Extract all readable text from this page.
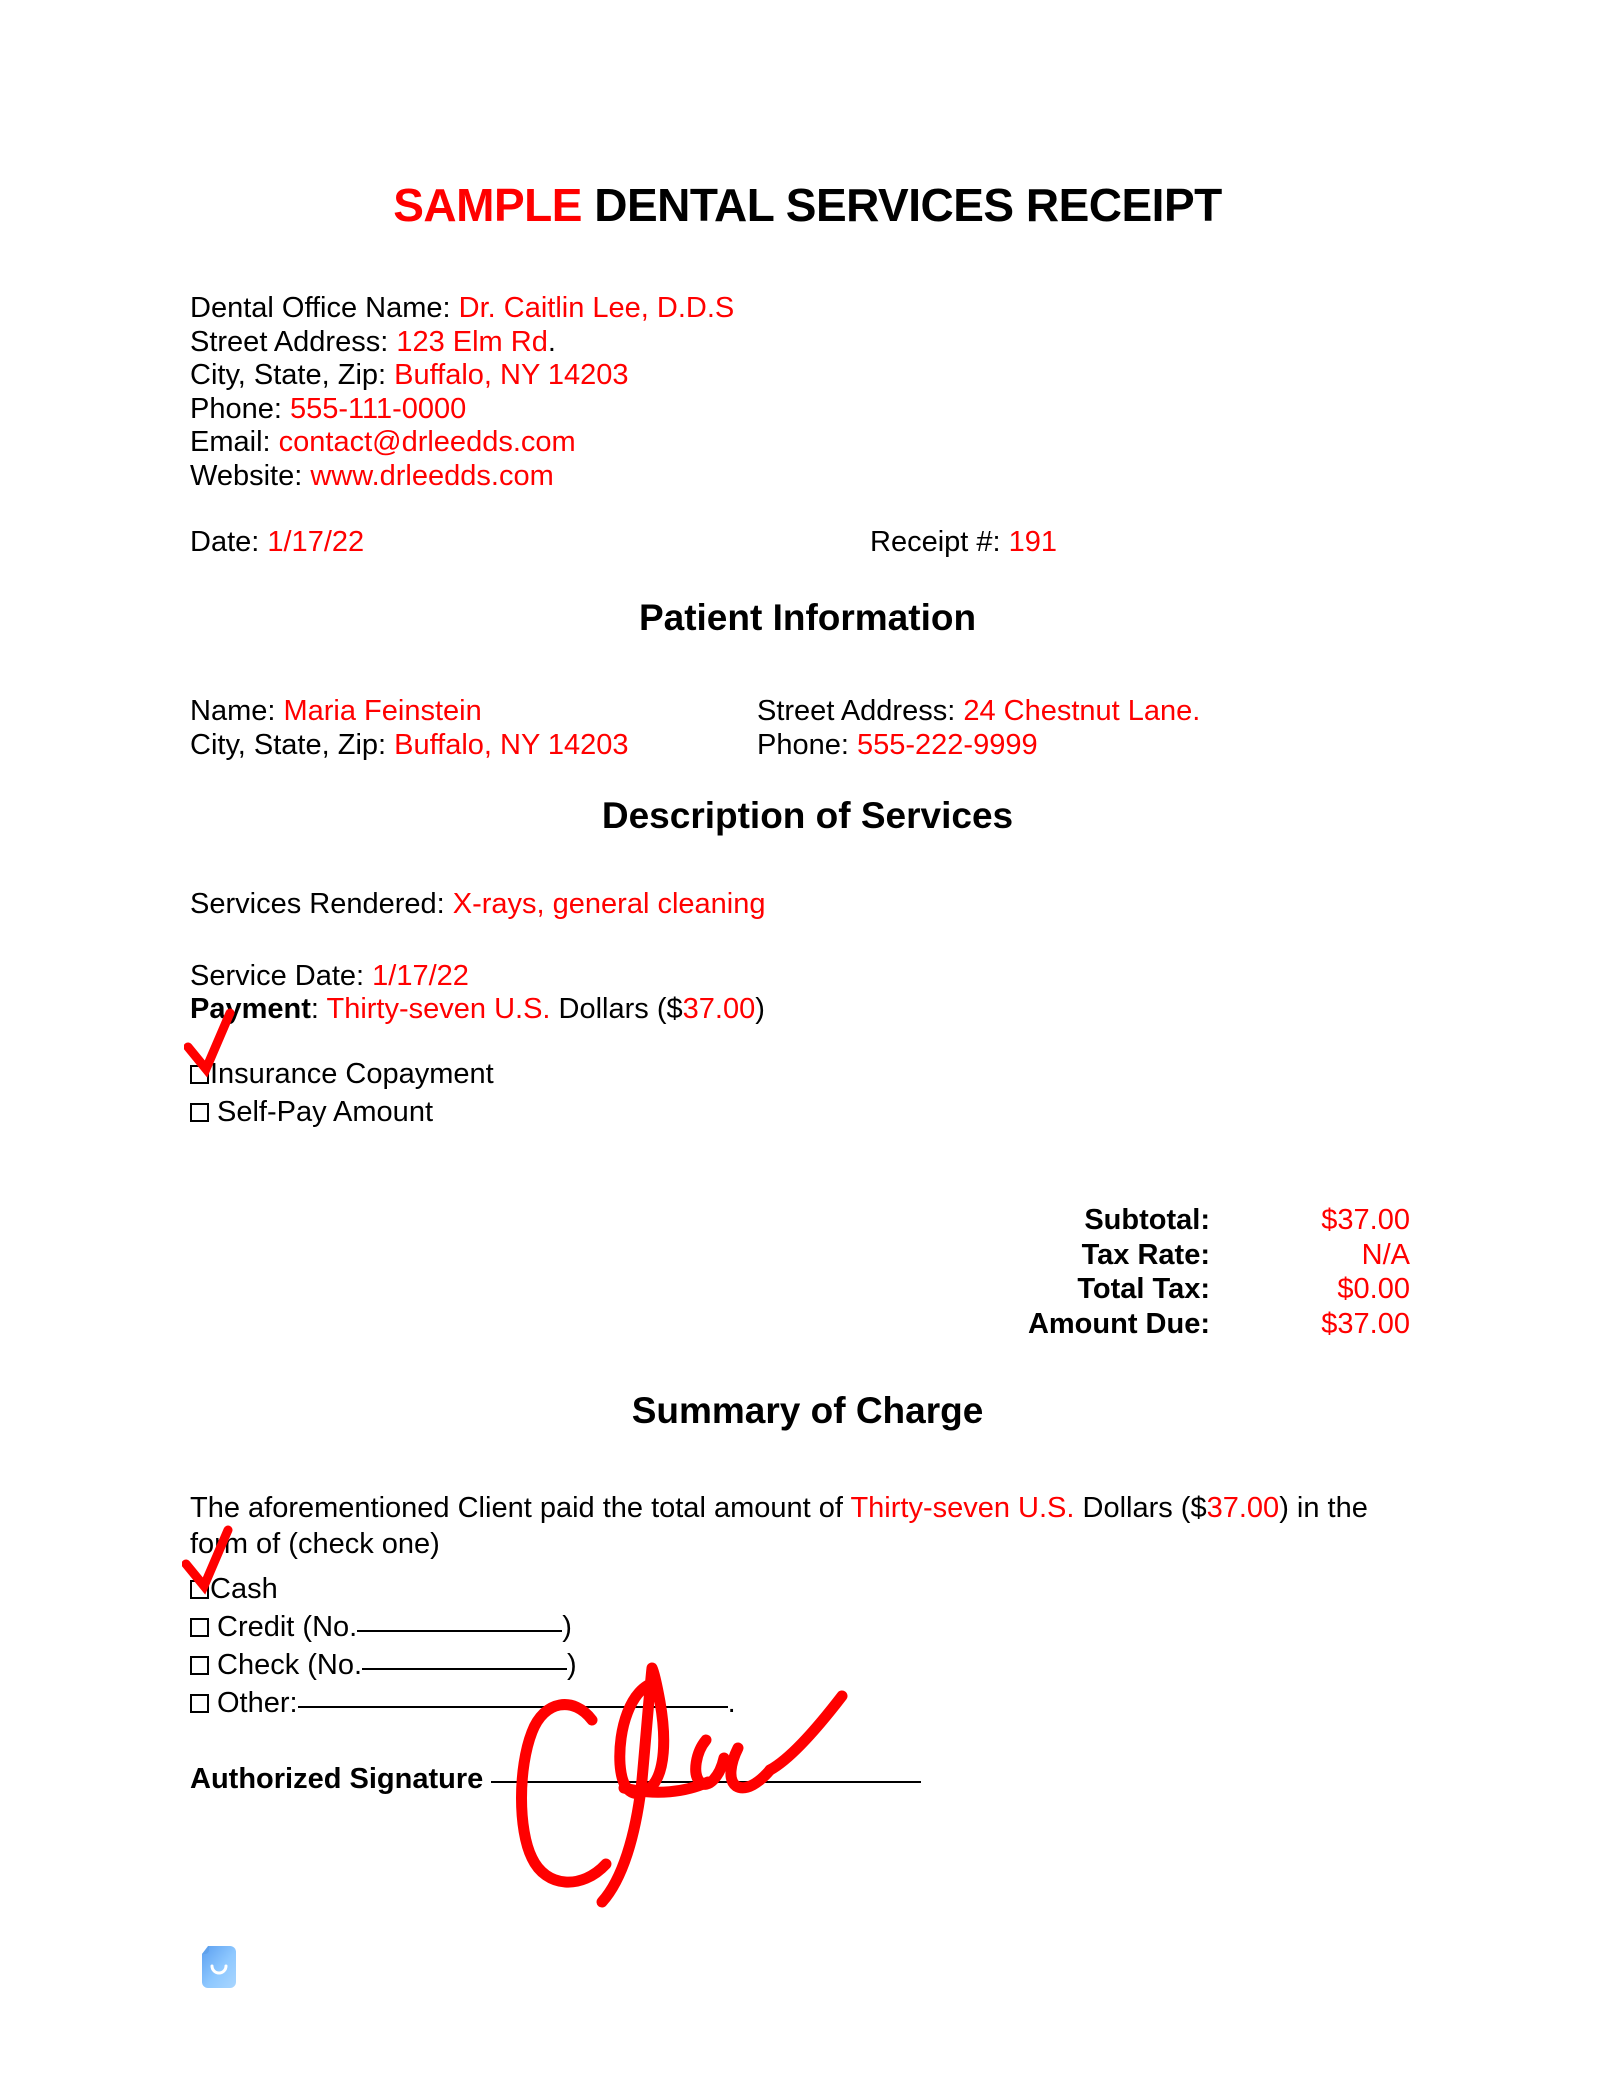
SAMPLE DENTAL SERVICES RECEIPT
Dental Office Name: Dr. Caitlin Lee, D.D.S
Street Address: 123 Elm Rd.
City, State, Zip: Buffalo, NY 14203
Phone: 555-111-0000
Email: contact@drleedds.com
Website: www.drleedds.com
Date: 1/17/22	Receipt #: 191
Patient Information
Name: Maria Feinstein	Street Address: 24 Chestnut Lane.
City, State, Zip: Buffalo, NY 14203	Phone: 555-222-9999
Description of Services
Services Rendered: X-rays, general cleaning
Service Date: 1/17/22
Payment: Thirty-seven U.S. Dollars ($37.00)
Insurance Copayment
Self-Pay Amount
Subtotal:	$37.00
Tax Rate:	N/A
Total Tax:	$0.00
Amount Due:	$37.00
Summary of Charge
The aforementioned Client paid the total amount of Thirty-seven U.S. Dollars ($37.00) in the form of (check one)
Cash
Credit (No.	)
Check (No.	)
Other:	.
Authorized Signature
